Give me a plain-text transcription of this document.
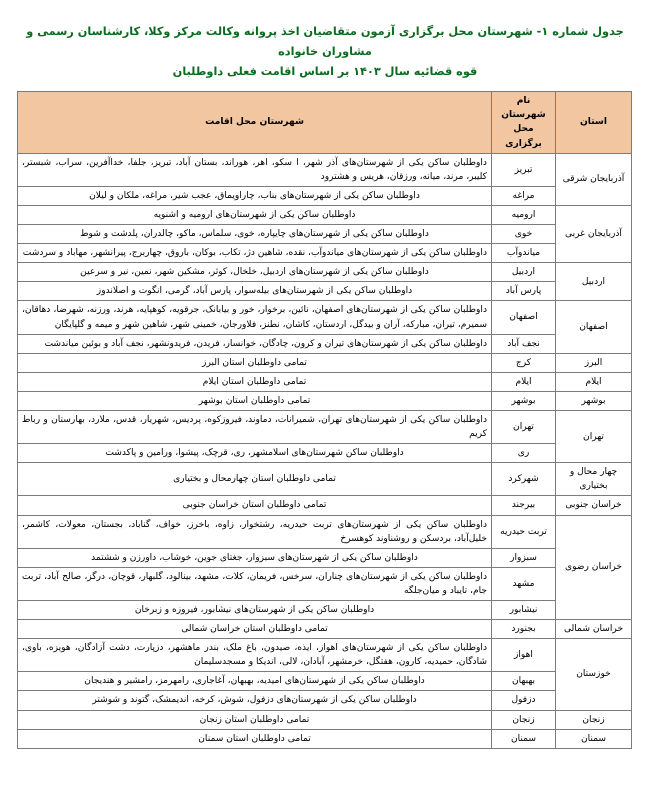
جدول شماره ۱- شهرستان محل برگزاری آزمون متقاضیان اخذ پروانه وکالت مرکز وکلا، کارشناسان رسمی و مشاوران خانواده
قوه قضائیه سال ۱۴۰۳ بر اساس اقامت فعلی داوطلبان
استان	نام شهرستان محل برگزاری	شهرستان محل اقامت
آذربایجان شرقی	تبریز	داوطلبان ساکن یکی از شهرستان‌های آذر شهر، ا سکو، اهر، هوراند، بستان آباد، تبریز، جلفا، خداآفرین، سراب، شبستر، کلیبر، مرند، میانه، ورزقان، هریس و هشترود
	مراغه	داوطلبان ساکن یکی از شهرستان‌های بناب، چاراویماق، عجب شیر، مراغه، ملکان و لیلان
آذربایجان غربی	ارومیه	داوطلبان ساکن یکی از شهرستان‌های ارومیه و اشنویه
	خوی	داوطلبان ساکن یکی از شهرستان‌های چایپاره، خوی، سلماس، ماکو، چالدران، پلدشت و شوط
	میاندوآب	داوطلبان ساکن یکی از شهرستان‌های میاندوآب، نقده، شاهین دژ، تکاب، بوکان، باروق، چهاربرج، پیرانشهر، مهاباد و سردشت
اردبیل	اردبیل	داوطلبان ساکن یکی از شهرستان‌های اردبیل، خلخال، کوثر، مشکین شهر، نمین، نیر و سرعین
	پارس آباد	داوطلبان ساکن یکی از شهرستان‌های بیله‌سوار، پارس آباد، گرمی، انگوت و اصلاندوز
اصفهان	اصفهان	داوطلبان ساکن یکی از شهرستان‌های اصفهان، نائین، برخوار، خور و بیابانک، جرقویه، کوهپایه، هرند، ورزنه، شهرضا، دهاقان، سمیرم، تیران، مبارکه، آران و بیدگل، اردستان، کاشان، نطنز، فلاورجان، خمینی شهر، شاهین شهر و میمه و گلپایگان
	نجف آباد	داوطلبان ساکن یکی از شهرستان‌های تیران و کرون، چادگان، خوانسار، فریدن، فریدونشهر، نجف آباد و بوئین میاندشت
البرز	کرج	تمامی داوطلبان استان البرز
ایلام	ایلام	تمامی داوطلبان استان ایلام
بوشهر	بوشهر	تمامی داوطلبان استان بوشهر
تهران	تهران	داوطلبان ساکن یکی از شهرستان‌های تهران، شمیرانات، دماوند، فیروزکوه، پردیس، شهریار، قدس، ملارد، بهارستان و رباط کریم
	ری	داوطلبان ساکن شهرستان‌های اسلامشهر، ری، قرچک، پیشوا، ورامین و پاکدشت
چهار محال و بختیاری	شهرکرد	تمامی داوطلبان استان چهارمحال و بختیاری
خراسان جنوبی	بیرجند	تمامی داوطلبان استان خراسان جنوبی
خراسان رضوی	تربت حیدریه	داوطلبان ساکن یکی از شهرستان‌های تربت حیدریه، رشتخوار، زاوه، باخرز، خواف، گناباد، بجستان، معولات، کاشمر، خلیل‌آباد، بردسکن و روشناوند کوهسرخ
	سبزوار	داوطلبان ساکن یکی از شهرستان‌های سبزوار، جغتای جوین، خوشاب، داورزن و ششتمد
	مشهد	داوطلبان ساکن یکی از شهرستان‌های چناران، سرخس، فریمان، کلات، مشهد، بینالود، گلبهار، قوچان، درگز، صالح آباد، تربت جام، تایباد و میان‌جلگه
	نیشابور	داوطلبان ساکن یکی از شهرستان‌های نیشابور، فیروزه و زبرخان
خراسان شمالی	بجنورد	تمامی داوطلبان استان خراسان شمالی
خوزستان	اهواز	داوطلبان ساکن یکی از شهرستان‌های اهواز، ایذه، صیدون، باغ ملک، بندر ماهشهر، دزپارت، دشت آزادگان، هویزه، باوی، شادگان، حمیدیه، کارون، هفتگل، خرمشهر، آبادان، لالی، اندیکا و مسجدسلیمان
	بهبهان	داوطلبان ساکن یکی از شهرستان‌های امیدیه، بهبهان، آغاجاری، رامهرمز، رامشیر و هندیجان
	دزفول	داوطلبان ساکن یکی از شهرستان‌های دزفول، شوش، کرخه، اندیمشک، گتوند و شوشتر
زنجان	زنجان	تمامی داوطلبان استان زنجان
سمنان	سمنان	تمامی داوطلبان استان سمنان
